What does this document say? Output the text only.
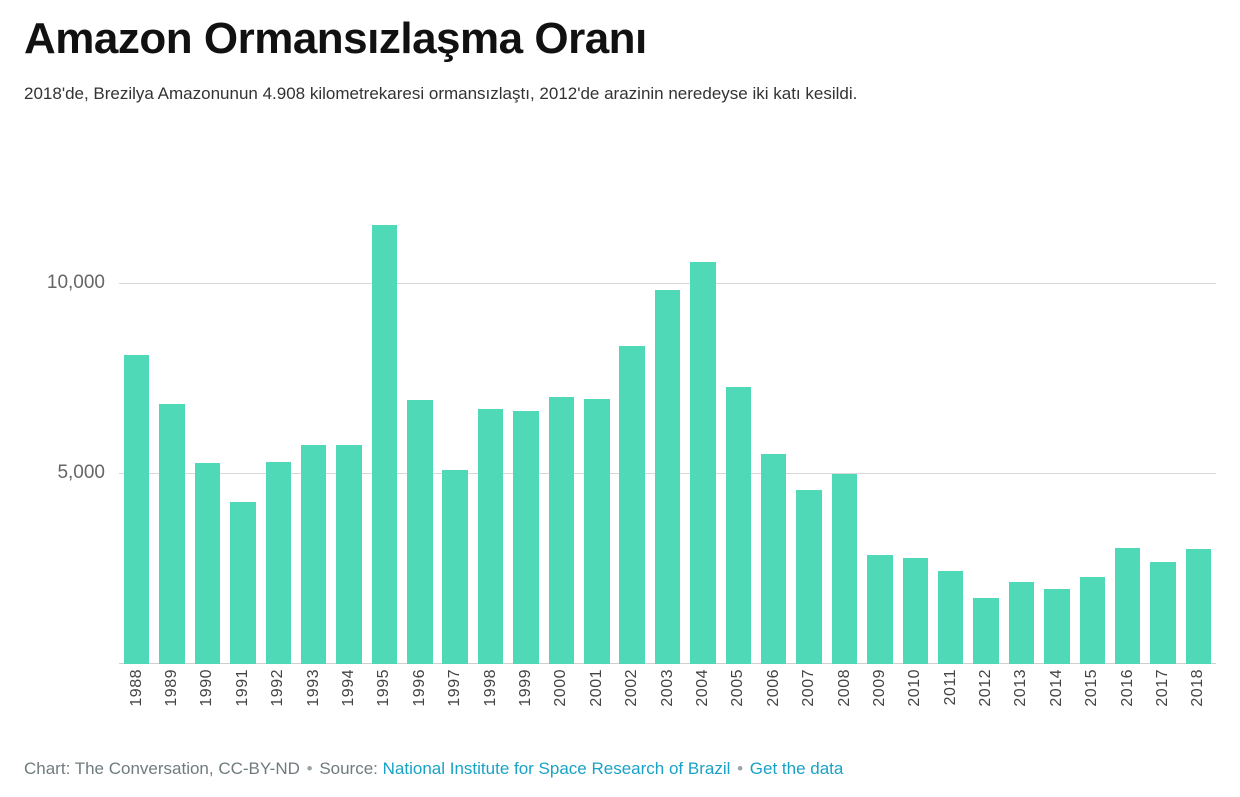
Amazon Ormansızlaşma Oranı

2018'de, Brezilya Amazonunun 4.908 kilometrekaresi ormansızlaştı, 2012'de arazinin neredeyse iki katı kesildi.

5,000
10,000
1988 1989 1990 1991 1992 1993 1994 1995 1996 1997 1998 1999 2000 2001 2002 2003 2004 2005 2006 2007 2008 2009 2010 2011 2012 2013 2014 2015 2016 2017 2018
Chart: The Conversation, CC-BY-ND • Source: National Institute for Space Research of Brazil • Get the data
